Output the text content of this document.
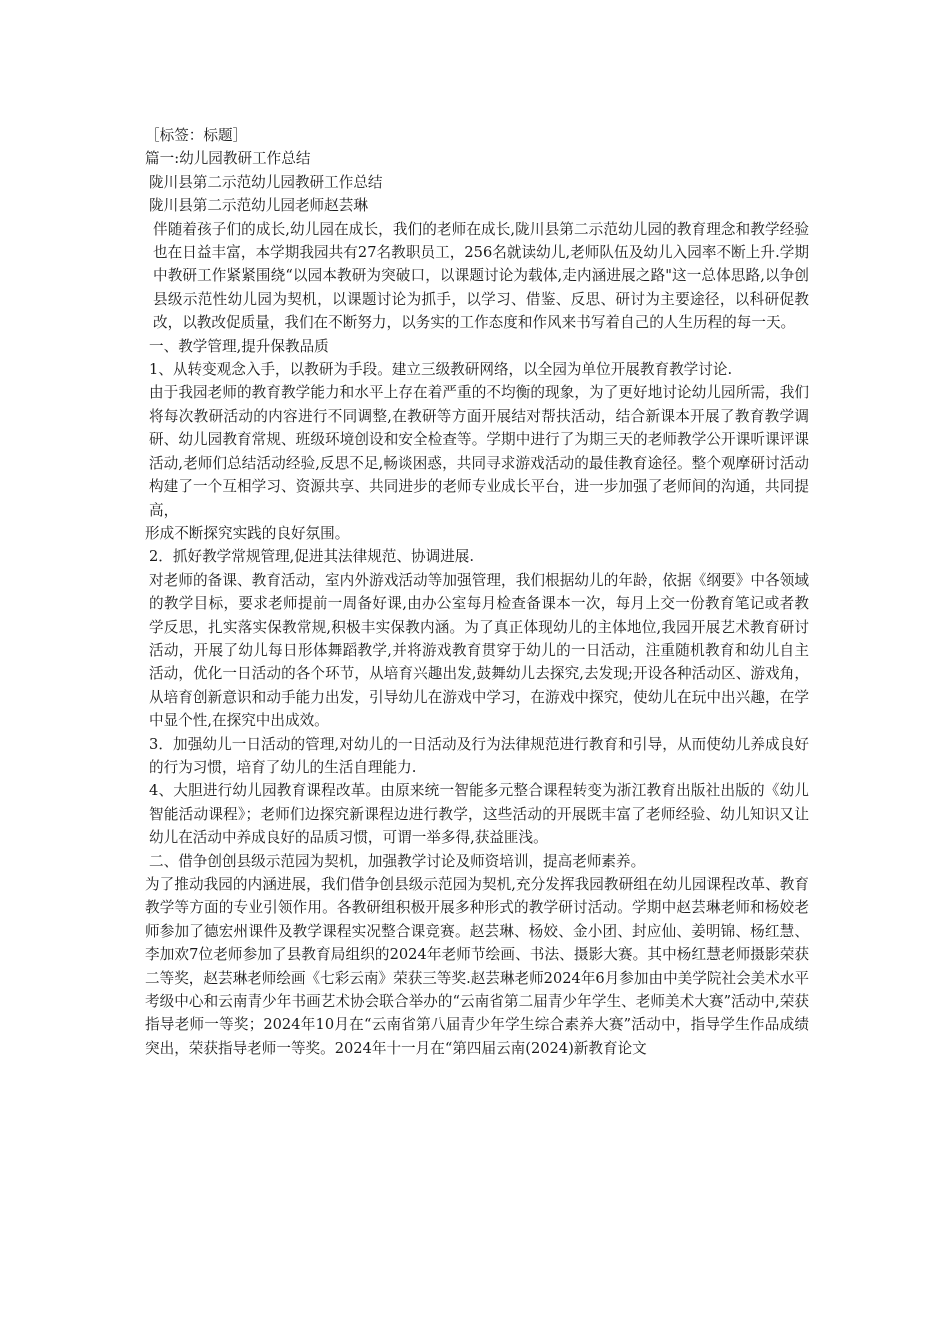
［标签：标题］

篇一:幼儿园教研工作总结

陇川县第二示范幼儿园教研工作总结

陇川县第二示范幼儿园老师赵芸琳

伴随着孩子们的成长,幼儿园在成长，我们的老师在成长,陇川县第二示范幼儿园的教育理念和教学经验也在日益丰富，本学期我园共有27名教职员工，256名就读幼儿,老师队伍及幼儿入园率不断上升.学期中教研工作紧紧围绕“以园本教研为突破口，以课题讨论为载体,走内涵进展之路"这一总体思路,以争创县级示范性幼儿园为契机，以课题讨论为抓手，以学习、借鉴、反思、研讨为主要途径，以科研促教改，以教改促质量，我们在不断努力，以务实的工作态度和作风来书写着自己的人生历程的每一天。

一、教学管理,提升保教品质

1、从转变观念入手，以教研为手段。建立三级教研网络，以全园为单位开展教育教学讨论.

由于我园老师的教育教学能力和水平上存在着严重的不均衡的现象，为了更好地讨论幼儿园所需，我们将每次教研活动的内容进行不同调整,在教研等方面开展结对帮扶活动，结合新课本开展了教育教学调研、幼儿园教育常规、班级环境创设和安全检查等。学期中进行了为期三天的老师教学公开课听课评课活动,老师们总结活动经验,反思不足,畅谈困惑，共同寻求游戏活动的最佳教育途径。整个观摩研讨活动构建了一个互相学习、资源共享、共同进步的老师专业成长平台，进一步加强了老师间的沟通，共同提高，

形成不断探究实践的良好氛围。

2．抓好教学常规管理,促进其法律规范、协调进展.

对老师的备课、教育活动，室内外游戏活动等加强管理，我们根据幼儿的年龄，依据《纲要》中各领域的教学目标，要求老师提前一周备好课,由办公室每月检查备课本一次，每月上交一份教育笔记或者教学反思，扎实落实保教常规,积极丰实保教内涵。为了真正体现幼儿的主体地位,我园开展艺术教育研讨活动，开展了幼儿每日形体舞蹈教学,并将游戏教育贯穿于幼儿的一日活动，注重随机教育和幼儿自主活动，优化一日活动的各个环节，从培育兴趣出发,鼓舞幼儿去探究,去发现;开设各种活动区、游戏角，从培育创新意识和动手能力出发，引导幼儿在游戏中学习，在游戏中探究，使幼儿在玩中出兴趣，在学中显个性,在探究中出成效。

3．加强幼儿一日活动的管理,对幼儿的一日活动及行为法律规范进行教育和引导，从而使幼儿养成良好的行为习惯，培育了幼儿的生活自理能力.

4、大胆进行幼儿园教育课程改革。由原来统一智能多元整合课程转变为浙江教育出版社出版的《幼儿智能活动课程》；老师们边探究新课程边进行教学，这些活动的开展既丰富了老师经验、幼儿知识又让幼儿在活动中养成良好的品质习惯，可谓一举多得,获益匪浅。

二、借争创创县级示范园为契机，加强教学讨论及师资培训，提高老师素养。

为了推动我园的内涵进展，我们借争创县级示范园为契机,充分发挥我园教研组在幼儿园课程改革、教育教学等方面的专业引领作用。各教研组积极开展多种形式的教学研讨活动。学期中赵芸琳老师和杨姣老师参加了德宏州课件及教学课程实况整合课竞赛。赵芸琳、杨姣、金小团、封应仙、姜明锦、杨红慧、李加欢7位老师参加了县教育局组织的2024年老师节绘画、书法、摄影大赛。其中杨红慧老师摄影荣获二等奖，赵芸琳老师绘画《七彩云南》荣获三等奖.赵芸琳老师2024年6月参加由中美学院社会美术水平考级中心和云南青少年书画艺术协会联合举办的“云南省第二届青少年学生、老师美术大赛”活动中,荣获指导老师一等奖；2024年10月在“云南省第八届青少年学生综合素养大赛”活动中，指导学生作品成绩突出，荣获指导老师一等奖。2024年十一月在“第四届云南(2024)新教育论文
